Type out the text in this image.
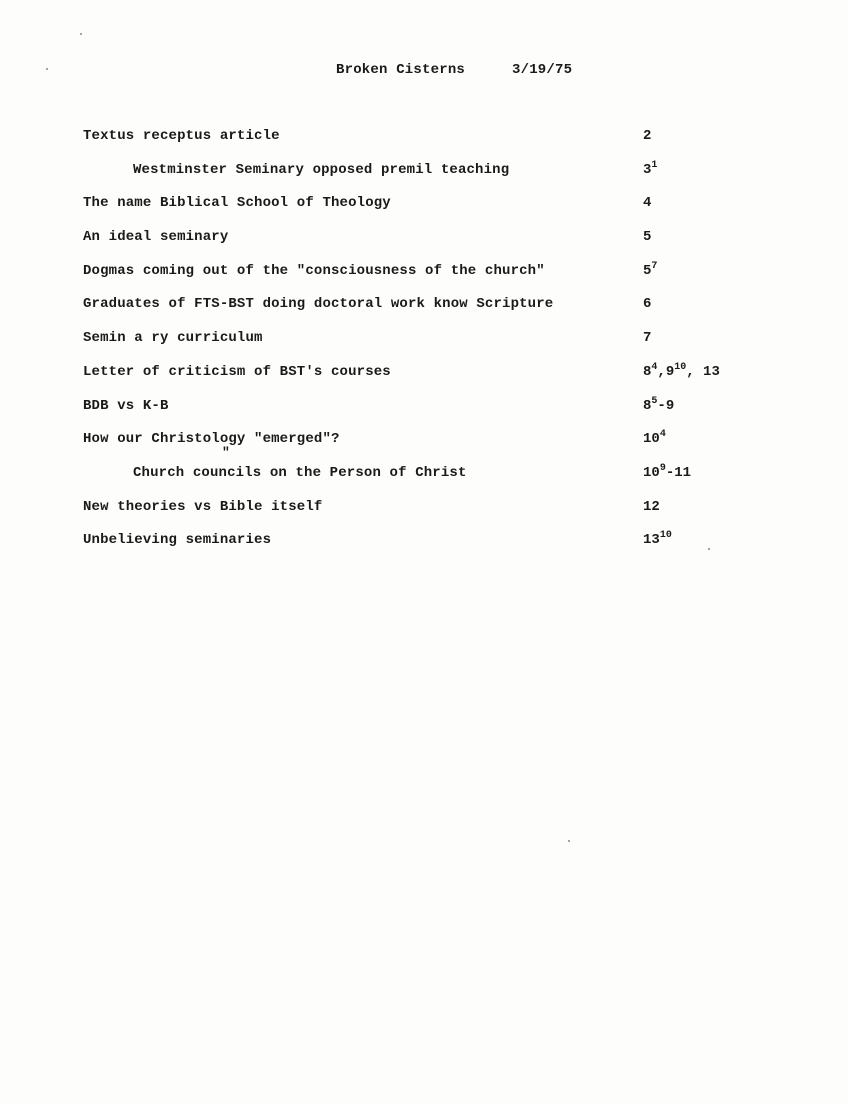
Broken Cisterns	3/19/75
Textus receptus article	2
Westminster Seminary opposed premil teaching	$3^1$
The name Biblical School of Theology	4
An ideal seminary	5
Dogmas coming out of the "consciousness of the church"	$5^7$
Graduates of FTS-BST doing doctoral work know Scripture	6
Semin a ry curriculum	7
Letter of criticism of BST's courses	$8^4,9^{10}$, 13
BDB vs K-B	$8^5-9$
How our Christology "emerged"?	$10^4$
Church councils on the Person of Christ	$10^9-11$
New theories vs Bible itself	12
Unbelieving seminaries	$13^{10}$
"
